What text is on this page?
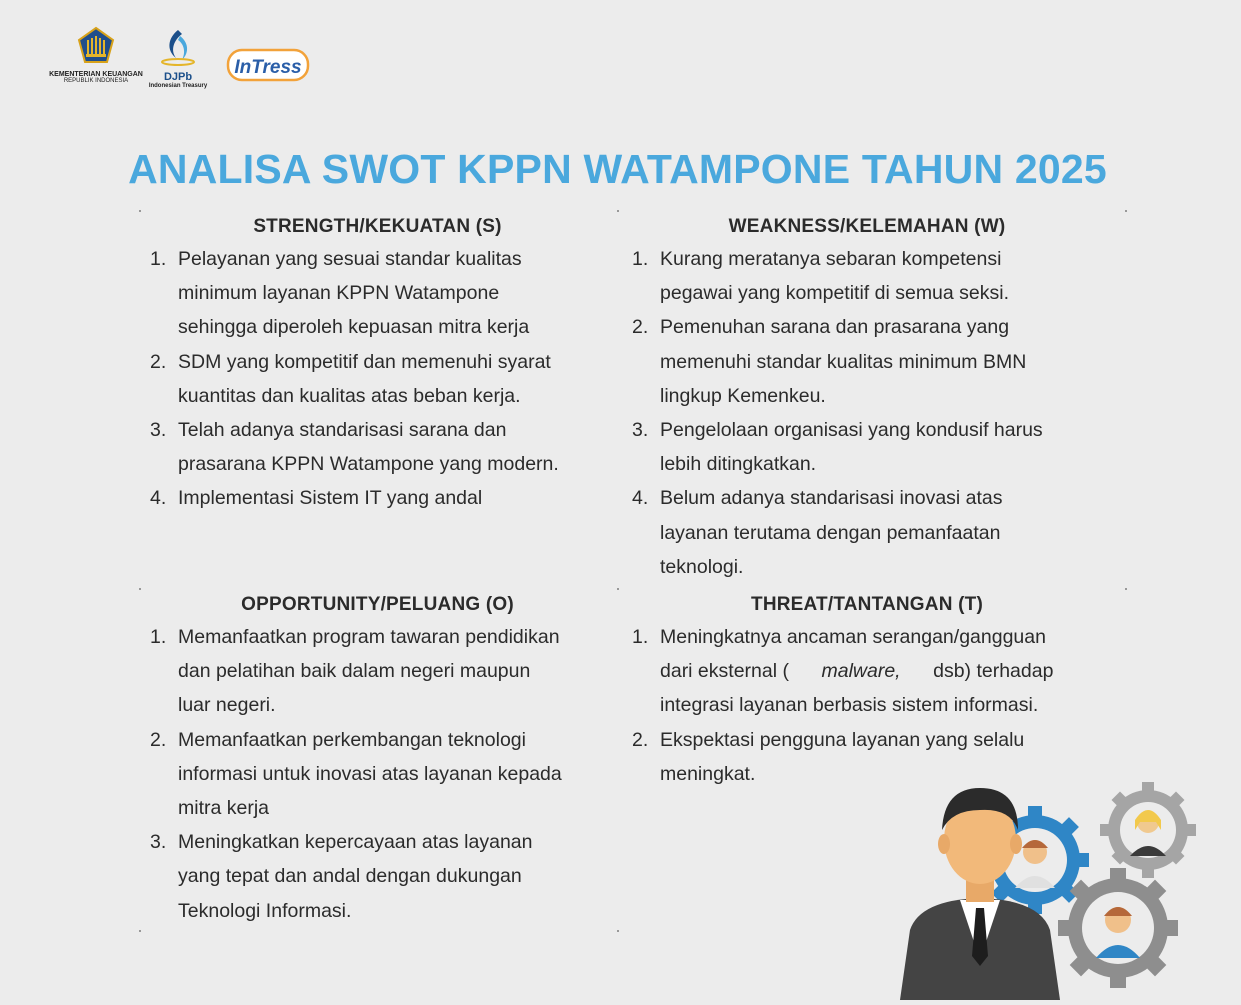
KEMENTERIAN KEUANGAN
REPUBLIK INDONESIA	DJPb
Indonesian Treasury
InTress
ANALISA SWOT KPPN WATAMPONE TAHUN 2025
STRENGTH/KEKUATAN (S)
1. Pelayanan yang sesuai standar kualitas
minimum layanan KPPN Watampone
sehingga diperoleh kepuasan mitra kerja
2. SDM yang kompetitif dan memenuhi syarat
kuantitas dan kualitas atas beban kerja.
3. Telah adanya standarisasi sarana dan
prasarana KPPN Watampone yang modern.
4. Implementasi Sistem IT yang andal
WEAKNESS/KELEMAHAN (W)
1. Kurang meratanya sebaran kompetensi
pegawai yang kompetitif di semua seksi.
2. Pemenuhan sarana dan prasarana yang
memenuhi standar kualitas minimum BMN
lingkup Kemenkeu.
3. Pengelolaan organisasi yang kondusif harus
lebih ditingkatkan.
4. Belum adanya standarisasi inovasi atas
layanan terutama dengan pemanfaatan
teknologi.
OPPORTUNITY/PELUANG (O)
1. Memanfaatkan program tawaran pendidikan
dan pelatihan baik dalam negeri maupun
luar negeri.
2. Memanfaatkan perkembangan teknologi
informasi untuk inovasi atas layanan kepada
mitra kerja
3. Meningkatkan kepercayaan atas layanan
yang tepat dan andal dengan dukungan
Teknologi Informasi.
THREAT/TANTANGAN (T)
1. Meningkatnya ancaman serangan/gangguan
dari eksternal (      malware,      dsb) terhadap
integrasi layanan berbasis sistem informasi.
2. Ekspektasi pengguna layanan yang selalu
meningkat.
